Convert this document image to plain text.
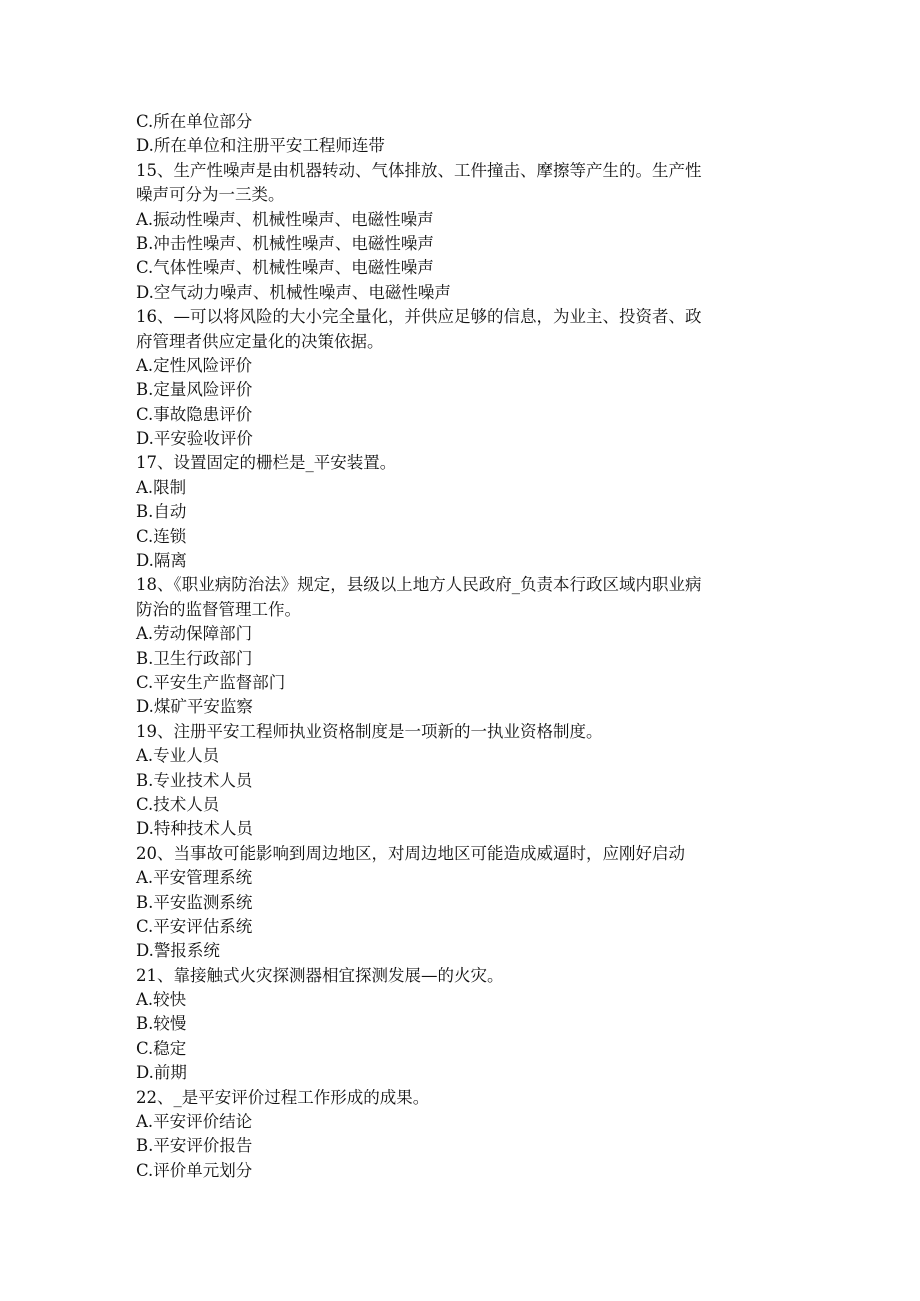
C.所在单位部分
D.所在单位和注册平安工程师连带
15、生产性噪声是由机器转动、气体排放、工件撞击、摩擦等产生的。生产性
噪声可分为一三类。
A.振动性噪声、机械性噪声、电磁性噪声
B.冲击性噪声、机械性噪声、电磁性噪声
C.气体性噪声、机械性噪声、电磁性噪声
D.空气动力噪声、机械性噪声、电磁性噪声
16、—可以将风险的大小完全量化，并供应足够的信息，为业主、投资者、政
府管理者供应定量化的决策依据。
A.定性风险评价
B.定量风险评价
C.事故隐患评价
D.平安验收评价
17、设置固定的栅栏是_平安装置。
A.限制
B.自动
C.连锁
D.隔离
18、《职业病防治法》规定，县级以上地方人民政府_负责本行政区域内职业病
防治的监督管理工作。
A.劳动保障部门
B.卫生行政部门
C.平安生产监督部门
D.煤矿平安监察
19、注册平安工程师执业资格制度是一项新的一执业资格制度。
A.专业人员
B.专业技术人员
C.技术人员
D.特种技术人员
20、当事故可能影响到周边地区，对周边地区可能造成威逼时，应刚好启动
A.平安管理系统
B.平安监测系统
C.平安评估系统
D.警报系统
21、靠接触式火灾探测器相宜探测发展—的火灾。
A.较快
B.较慢
C.稳定
D.前期
22、_是平安评价过程工作形成的成果。
A.平安评价结论
B.平安评价报告
C.评价单元划分
